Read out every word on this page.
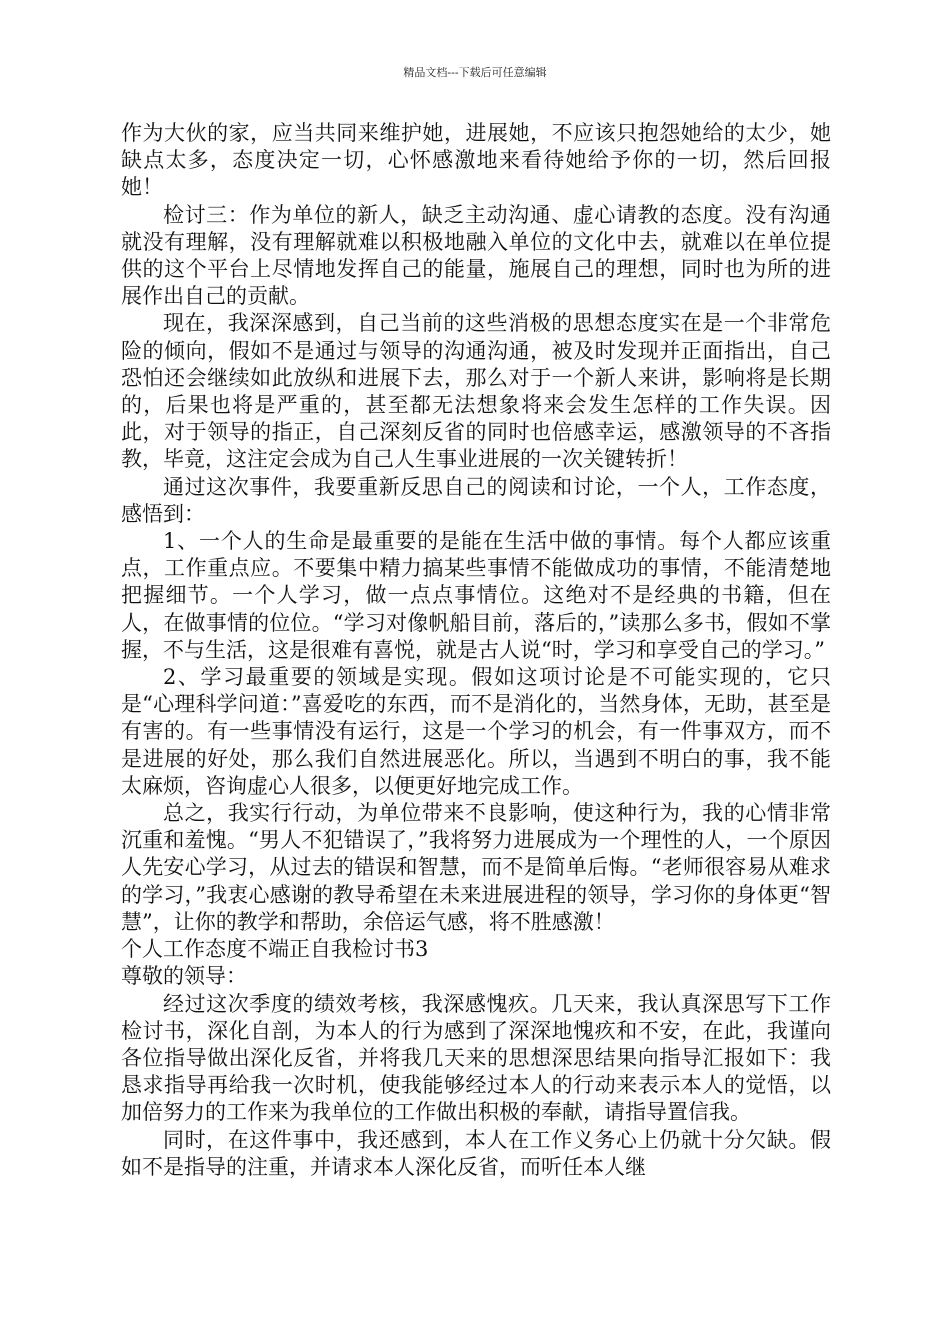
精品文档---下载后可任意编辑

作为大伙的家，应当共同来维护她，进展她，不应该只抱怨她给的太少，她缺点太多，态度决定一切，心怀感激地来看待她给予你的一切，然后回报她！

检讨三：作为单位的新人，缺乏主动沟通、虚心请教的态度。没有沟通就没有理解，没有理解就难以积极地融入单位的文化中去，就难以在单位提供的这个平台上尽情地发挥自己的能量，施展自己的理想，同时也为所的进展作出自己的贡献。

现在，我深深感到，自己当前的这些消极的思想态度实在是一个非常危险的倾向，假如不是通过与领导的沟通沟通，被及时发现并正面指出，自己恐怕还会继续如此放纵和进展下去，那么对于一个新人来讲，影响将是长期的，后果也将是严重的，甚至都无法想象将来会发生怎样的工作失误。因此，对于领导的指正，自己深刻反省的同时也倍感幸运，感激领导的不吝指教，毕竟，这注定会成为自己人生事业进展的一次关键转折！

通过这次事件，我要重新反思自己的阅读和讨论，一个人，工作态度，感悟到：

1、一个人的生命是最重要的是能在生活中做的事情。每个人都应该重点，工作重点应。不要集中精力搞某些事情不能做成功的事情，不能清楚地把握细节。一个人学习，做一点点事情位。这绝对不是经典的书籍，但在人，在做事情的位位。“学习对像帆船目前，落后的，”读那么多书，假如不掌握，不与生活，这是很难有喜悦，就是古人说“时，学习和享受自己的学习。”

2、学习最重要的领域是实现。假如这项讨论是不可能实现的，它只是“心理科学问道：”喜爱吃的东西，而不是消化的，当然身体，无助，甚至是有害的。有一些事情没有运行，这是一个学习的机会，有一件事双方，而不是进展的好处，那么我们自然进展恶化。所以，当遇到不明白的事，我不能太麻烦，咨询虚心人很多，以便更好地完成工作。

总之，我实行行动，为单位带来不良影响，使这种行为，我的心情非常沉重和羞愧。“男人不犯错误了，”我将努力进展成为一个理性的人，一个原因人先安心学习，从过去的错误和智慧，而不是简单后悔。“老师很容易从难求的学习，”我衷心感谢的教导希望在未来进展进程的领导，学习你的身体更“智慧”，让你的教学和帮助，余倍运气感，将不胜感激！

个人工作态度不端正自我检讨书3

尊敬的领导：

经过这次季度的绩效考核，我深感愧疚。几天来，我认真深思写下工作检讨书，深化自剖，为本人的行为感到了深深地愧疚和不安，在此，我谨向各位指导做出深化反省，并将我几天来的思想深思结果向指导汇报如下：我恳求指导再给我一次时机，使我能够经过本人的行动来表示本人的觉悟，以加倍努力的工作来为我单位的工作做出积极的奉献，请指导置信我。

同时，在这件事中，我还感到，本人在工作义务心上仍就十分欠缺。假如不是指导的注重，并请求本人深化反省，而听任本人继
